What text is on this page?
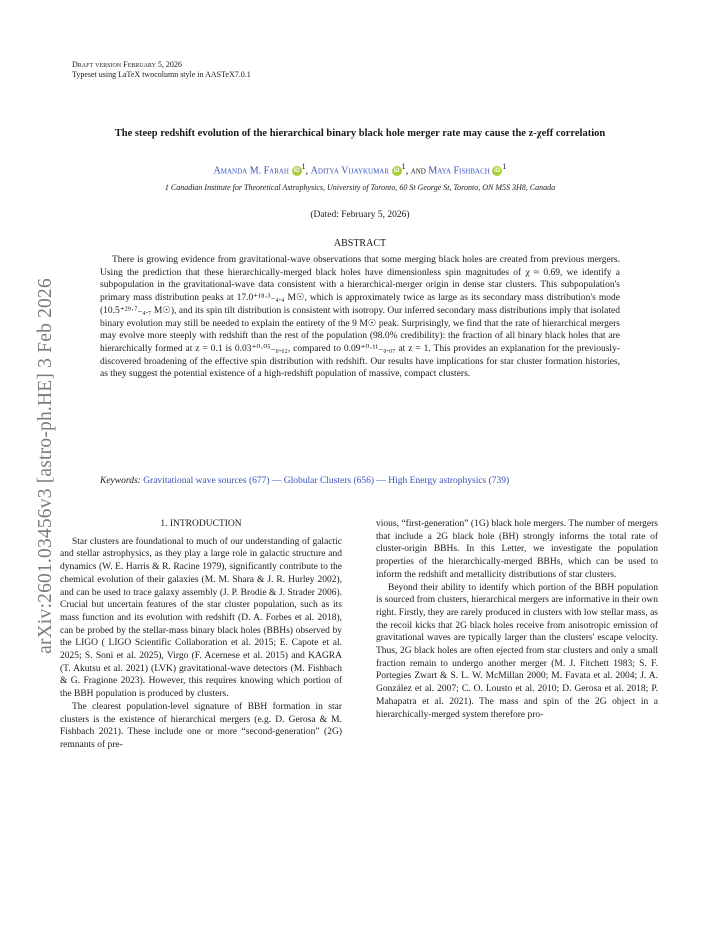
arXiv:2601.03456v3 [astro-ph.HE] 3 Feb 2026
Draft version February 5, 2026
Typeset using LaTeX twocolumn style in AASTeX7.0.1
The steep redshift evolution of the hierarchical binary black hole merger rate may cause the z-χeff correlation
Amanda M. Farah $iD^1$, Aditya Vijaykumar $iD^1$, and Maya Fishbach $iD^1$
1 Canadian Institute for Theoretical Astrophysics, University of Toronto, 60 St George St, Toronto, ON M5S 3H8, Canada
(Dated: February 5, 2026)
ABSTRACT
There is growing evidence from gravitational-wave observations that some merging black holes are created from previous mergers. Using the prediction that these hierarchically-merged black holes have dimensionless spin magnitudes of χ ≈ 0.69, we identify a subpopulation in the gravitational-wave data consistent with a hierarchical-merger origin in dense star clusters. This subpopulation's primary mass distribution peaks at 17.0⁺¹⁸·³₋₄.₄ M☉, which is approximately twice as large as its secondary mass distribution's mode (10.5⁺²⁹·⁷₋₄.₇ M☉), and its spin tilt distribution is consistent with isotropy. Our inferred secondary mass distributions imply that isolated binary evolution may still be needed to explain the entirety of the 9 M☉ peak. Surprisingly, we find that the rate of hierarchical mergers may evolve more steeply with redshift than the rest of the population (98.0% credibility): the fraction of all binary black holes that are hierarchically formed at z = 0.1 is 0.03⁺⁰·⁰⁵₋₀.₀₂, compared to 0.09⁺⁰·¹¹₋₀.₀₇ at z = 1. This provides an explanation for the previously-discovered broadening of the effective spin distribution with redshift. Our results have implications for star cluster formation histories, as they suggest the potential existence of a high-redshift population of massive, compact clusters.
Keywords: Gravitational wave sources (677) — Globular Clusters (656) — High Energy astrophysics (739)
1. INTRODUCTION

Star clusters are foundational to much of our understanding of galactic and stellar astrophysics, as they play a large role in galactic structure and dynamics (W. E. Harris & R. Racine 1979), significantly contribute to the chemical evolution of their galaxies (M. M. Shara & J. R. Hurley 2002), and can be used to trace galaxy assembly (J. P. Brodie & J. Strader 2006). Crucial but uncertain features of the star cluster population, such as its mass function and its evolution with redshift (D. A. Forbes et al. 2018), can be probed by the stellar-mass binary black holes (BBHs) observed by the LIGO ( LIGO Scientific Collaboration et al. 2015; E. Capote et al. 2025; S. Soni et al. 2025), Virgo (F. Acernese et al. 2015) and KAGRA (T. Akutsu et al. 2021) (LVK) gravitational-wave detectors (M. Fishbach & G. Fragione 2023). However, this requires knowing which portion of the BBH population is produced by clusters.

The clearest population-level signature of BBH formation in star clusters is the existence of hierarchical mergers (e.g. D. Gerosa & M. Fishbach 2021). These include one or more “second-generation” (2G) remnants of pre-

vious, “first-generation” (1G) black hole mergers. The number of mergers that include a 2G black hole (BH) strongly informs the total rate of cluster-origin BBHs. In this Letter, we investigate the population properties of the hierarchically-merged BBHs, which can be used to inform the redshift and metallicity distributions of star clusters.

Beyond their ability to identify which portion of the BBH population is sourced from clusters, hierarchical mergers are informative in their own right. Firstly, they are rarely produced in clusters with low stellar mass, as the recoil kicks that 2G black holes receive from anisotropic emission of gravitational waves are typically larger than the clusters' escape velocity. Thus, 2G black holes are often ejected from star clusters and only a small fraction remain to undergo another merger (M. J. Fitchett 1983; S. F. Portegies Zwart & S. L. W. McMillan 2000; M. Favata et al. 2004; J. A. González et al. 2007; C. O. Lousto et al. 2010; D. Gerosa et al. 2018; P. Mahapatra et al. 2021). The mass and spin of the 2G object in a hierarchically-merged system therefore pro-
